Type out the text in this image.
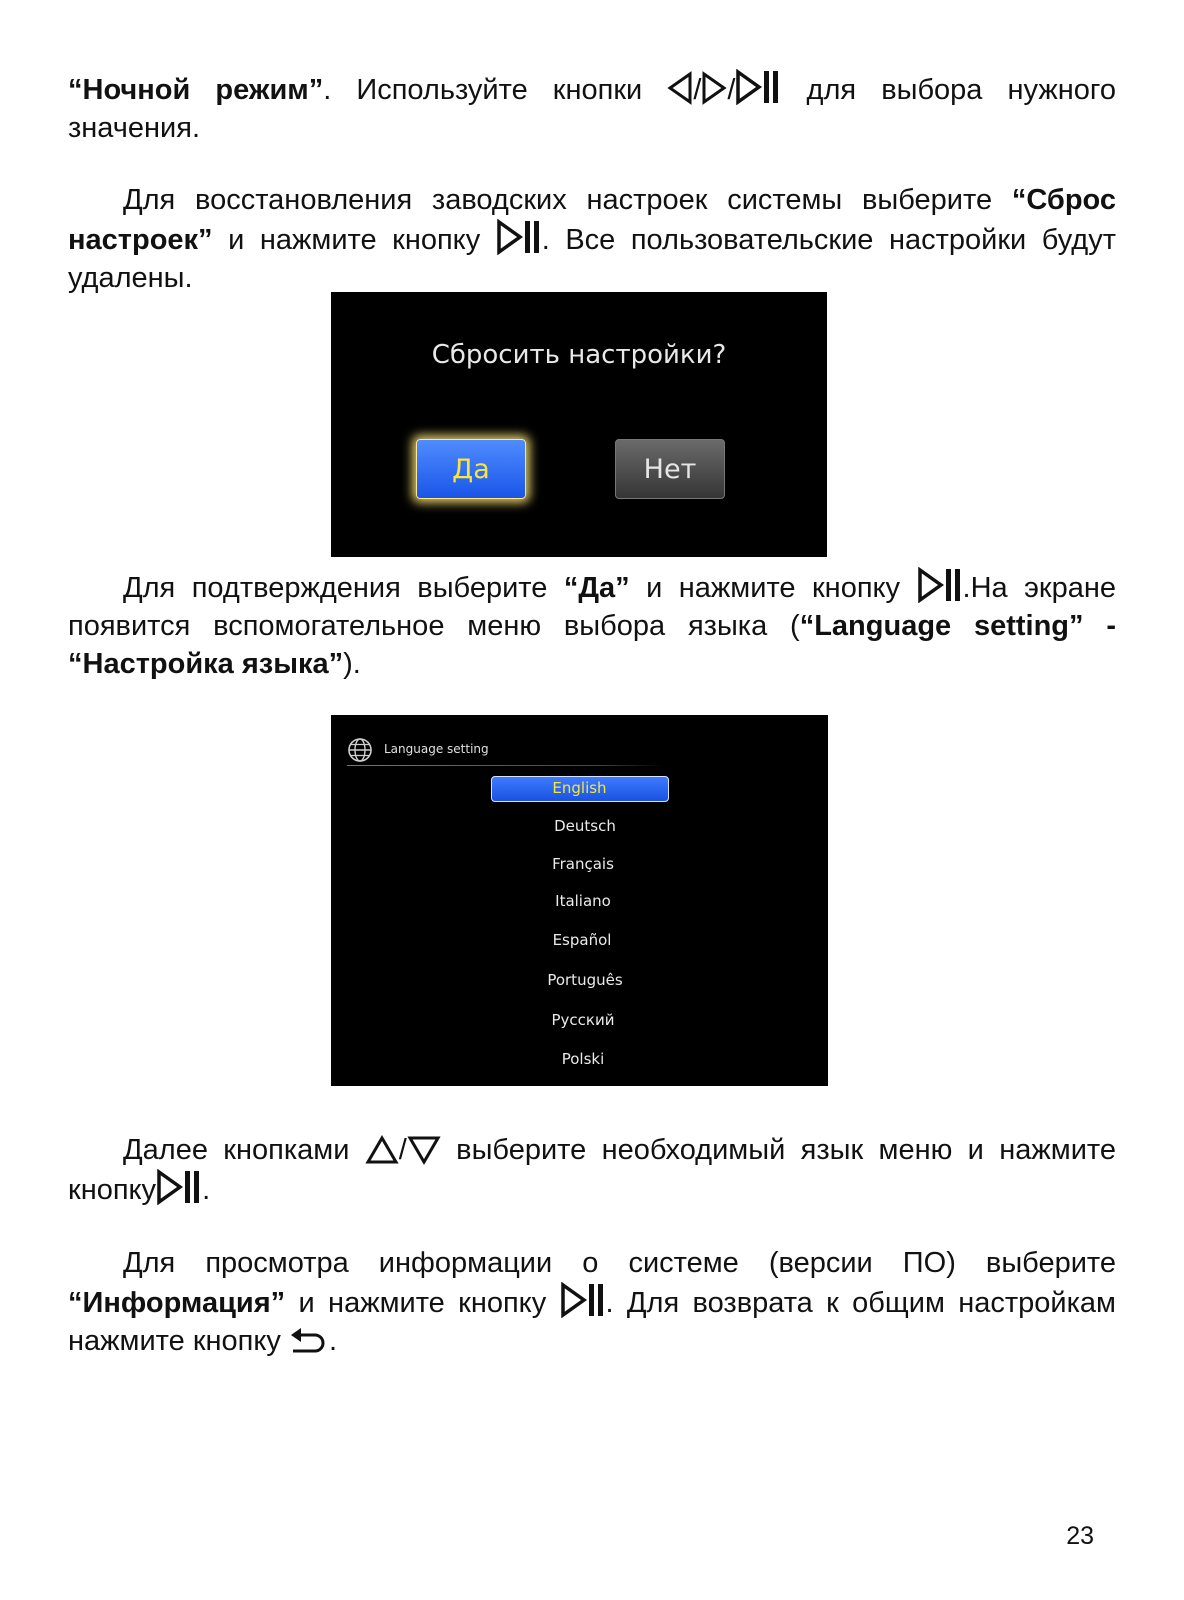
“Ночной режим”. Используйте кнопки / / для выбора нужного значения.

Для восстановления заводских настроек системы выберите “Сброс настроек” и нажмите кнопку . Все пользовательские настройки будут удалены.

Сбросить настройки?
Да	Нет

Для подтверждения выберите “Да” и нажмите кнопку .На экране появится вспомогательное меню выбора языка (“Language setting” - “Настройка языка”).

Language setting
English
Deutsch
Français
Italiano
Español
Português
Русский
Polski

Далее кнопками / выберите необходимый язык меню и нажмите кнопку .

Для просмотра информации о системе (версии ПО) выберите “Информация” и нажмите кнопку . Для возврата к общим настройкам нажмите кнопку .

23
